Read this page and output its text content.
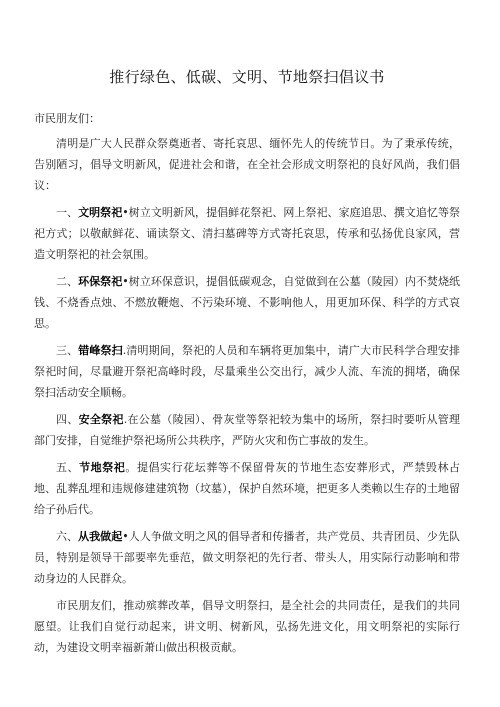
推行绿色、低碳、文明、节地祭扫倡议书
市民朋友们：

清明是广大人民群众祭奠逝者、寄托哀思、缅怀先人的传统节日。为了秉承传统，告别陋习，倡导文明新风，促进社会和谐，在全社会形成文明祭祀的良好风尚，我们倡议：

一、文明祭祀•树立文明新风，提倡鲜花祭祀、网上祭祀、家庭追思、撰文追忆等祭祀方式；以敬献鲜花、诵读祭文、清扫墓碑等方式寄托哀思，传承和弘扬优良家风，营造文明祭祀的社会氛围。

二、环保祭祀•树立环保意识，提倡低碳观念，自觉做到在公墓（陵园）内不焚烧纸钱、不烧香点烛、不燃放鞭炮、不污染环境、不影响他人，用更加环保、科学的方式哀思。

三、错峰祭扫.清明期间，祭祀的人员和车辆将更加集中，请广大市民科学合理安排祭祀时间，尽量避开祭祀高峰时段，尽量乘坐公交出行，减少人流、车流的拥堵，确保祭扫活动安全顺畅。

四、安全祭祀.在公墓（陵园）、骨灰堂等祭祀较为集中的场所，祭扫时要听从管理部门安排，自觉维护祭祀场所公共秩序，严防火灾和伤亡事故的发生。

五、节地祭祀。提倡实行花坛葬等不保留骨灰的节地生态安葬形式，严禁毁林占地、乱葬乱埋和违规修建建筑物（坟墓），保护自然环境，把更多人类赖以生存的土地留给子孙后代。

六、从我做起•人人争做文明之风的倡导者和传播者，共产党员、共青团员、少先队员，特别是领导干部要率先垂范，做文明祭祀的先行者、带头人，用实际行动影响和带动身边的人民群众。

市民朋友们，推动殡葬改革，倡导文明祭扫，是全社会的共同责任，是我们的共同愿望。让我们自觉行动起来，讲文明、树新风，弘扬先进文化，用文明祭祀的实际行动，为建设文明幸福新萧山做出积极贡献。
